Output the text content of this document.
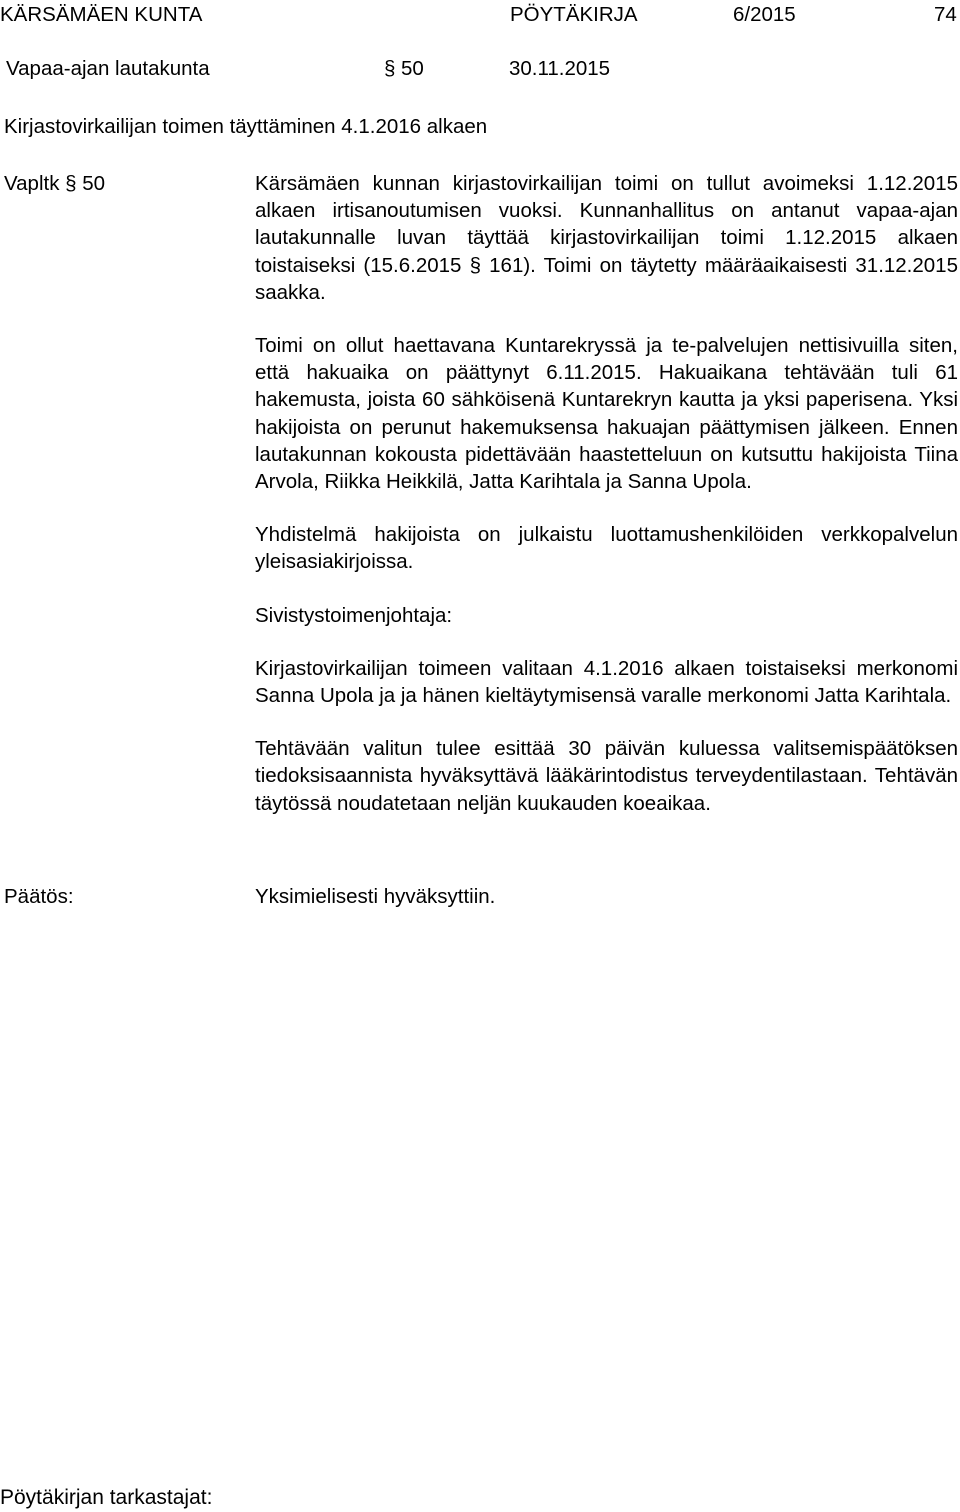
KÄRSÄMÄEN KUNTA	PÖYTÄKIRJA	6/2015	74
Vapaa-ajan lautakunta	§ 50	30.11.2015
Kirjastovirkailijan toimen täyttäminen 4.1.2016 alkaen
Vapltk § 50	Kärsämäen kunnan kirjastovirkailijan toimi on tullut avoimeksi 1.12.2015 alkaen irtisanoutumisen vuoksi. Kunnanhallitus on antanut vapaa-ajan lautakunnalle luvan täyttää kirjastovirkailijan toimi 1.12.2015 alkaen toistaiseksi (15.6.2015 § 161). Toimi on täytetty määräaikaisesti 31.12.2015 saakka.

Toimi on ollut haettavana Kuntarekryssä ja te-palvelujen nettisivuilla siten, että hakuaika on päättynyt 6.11.2015. Hakuaikana tehtävään tuli 61 hakemusta, joista 60 sähköisenä Kuntarekryn kautta ja yksi paperisena. Yksi hakijoista on perunut hakemuksensa hakuajan päättymisen jälkeen. Ennen lautakunnan kokousta pidettävään haastetteluun on kutsuttu hakijoista Tiina Arvola, Riikka Heikkilä, Jatta Karihtala ja Sanna Upola.

Yhdistelmä hakijoista on julkaistu luottamushenkilöiden verkkopalvelun yleisasiakirjoissa.

Sivistystoimenjohtaja:

Kirjastovirkailijan toimeen valitaan 4.1.2016 alkaen toistaiseksi merkonomi Sanna Upola ja ja hänen kieltäytymisensä varalle merkonomi Jatta Karihtala.

Tehtävään valitun tulee esittää 30 päivän kuluessa valitsemispäätöksen tiedoksisaannista hyväksyttävä lääkärintodistus terveydentilastaan. Tehtävän täytössä noudatetaan neljän kuukauden koeaikaa.

Päätös:	Yksimielisesti hyväksyttiin.
Pöytäkirjan tarkastajat:
